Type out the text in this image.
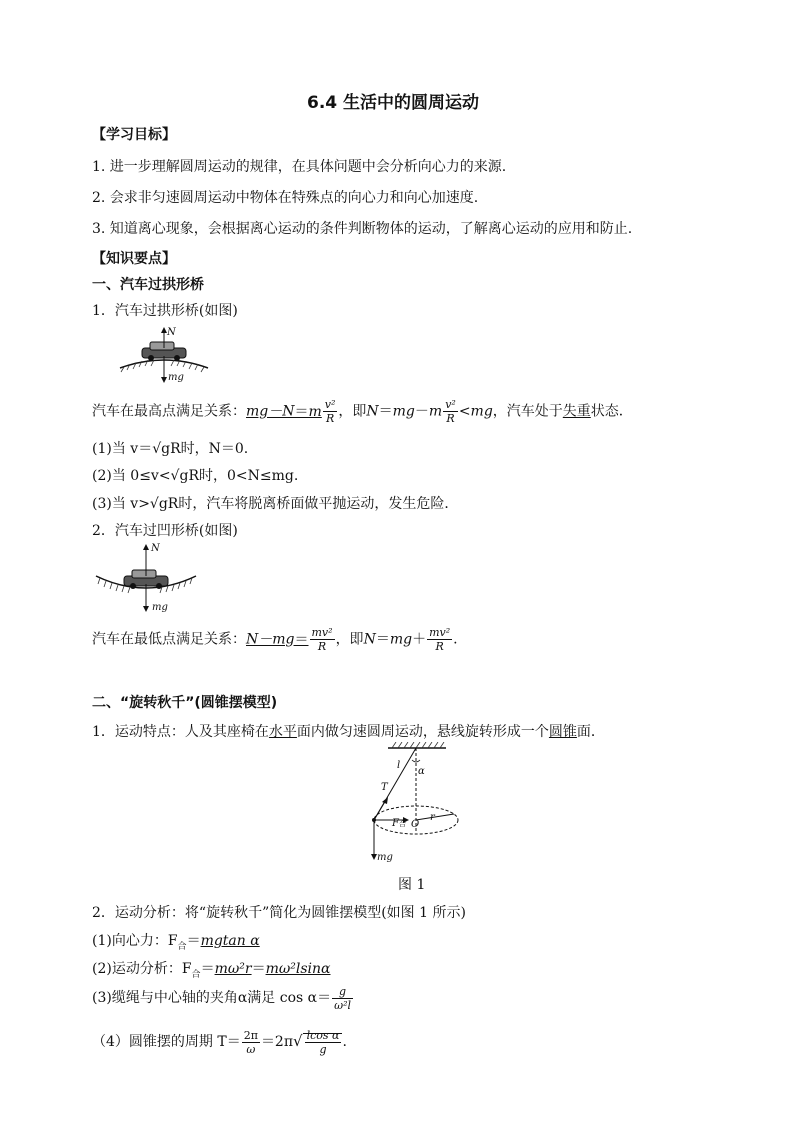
6.4 生活中的圆周运动
【学习目标】
1. 进一步理解圆周运动的规律，在具体问题中会分析向心力的来源.
2. 会求非匀速圆周运动中物体在特殊点的向心力和向心加速度.
3. 知道离心现象，会根据离心运动的条件判断物体的运动，了解离心运动的应用和防止.
【知识要点】
一、汽车过拱形桥
1．汽车过拱形桥(如图)
N
mg
汽车在最高点满足关系：$mg-N=m \frac{\text{v²}}{R}$ ，即$N=mg-m \frac{\text{v²}}{R} <mg$，汽车处于失重状态．
(1)当 v＝√gR时，N＝0.
(2)当 0≤v<√gR时，0<N≤mg.
(3)当 v>√gR时，汽车将脱离桥面做平抛运动，发生危险．
2．汽车过凹形桥(如图)
N
mg
汽车在最低点满足关系：$N-mg= \frac{\text{mv²}}{R}$ ，即$N=mg+ \frac{\text{mv²}}{R}$ .
二、“旋转秋千”(圆锥摆模型)
1．运动特点：人及其座椅在水平面内做匀速圆周运动，悬线旋转形成一个圆锥面．
l
α
T
F合 O
r
mg
图 1
2．运动分析：将“旋转秋千”简化为圆锥摆模型(如图 1 所示)
(1)向心力：$F_合=mgtan$ α
(2)运动分析：$F_合=m\omega^2r=m\omega^2lsin\alpha$
(3)缆绳与中心轴的夹角α满足 $\cos \alpha= \frac{g}{\text{ω²l}}$
（4）圆锥摆的周期 $T= \frac{2\pi}{\omega} =2\pi√ \frac{\text{lcos α}}{g}$ .
